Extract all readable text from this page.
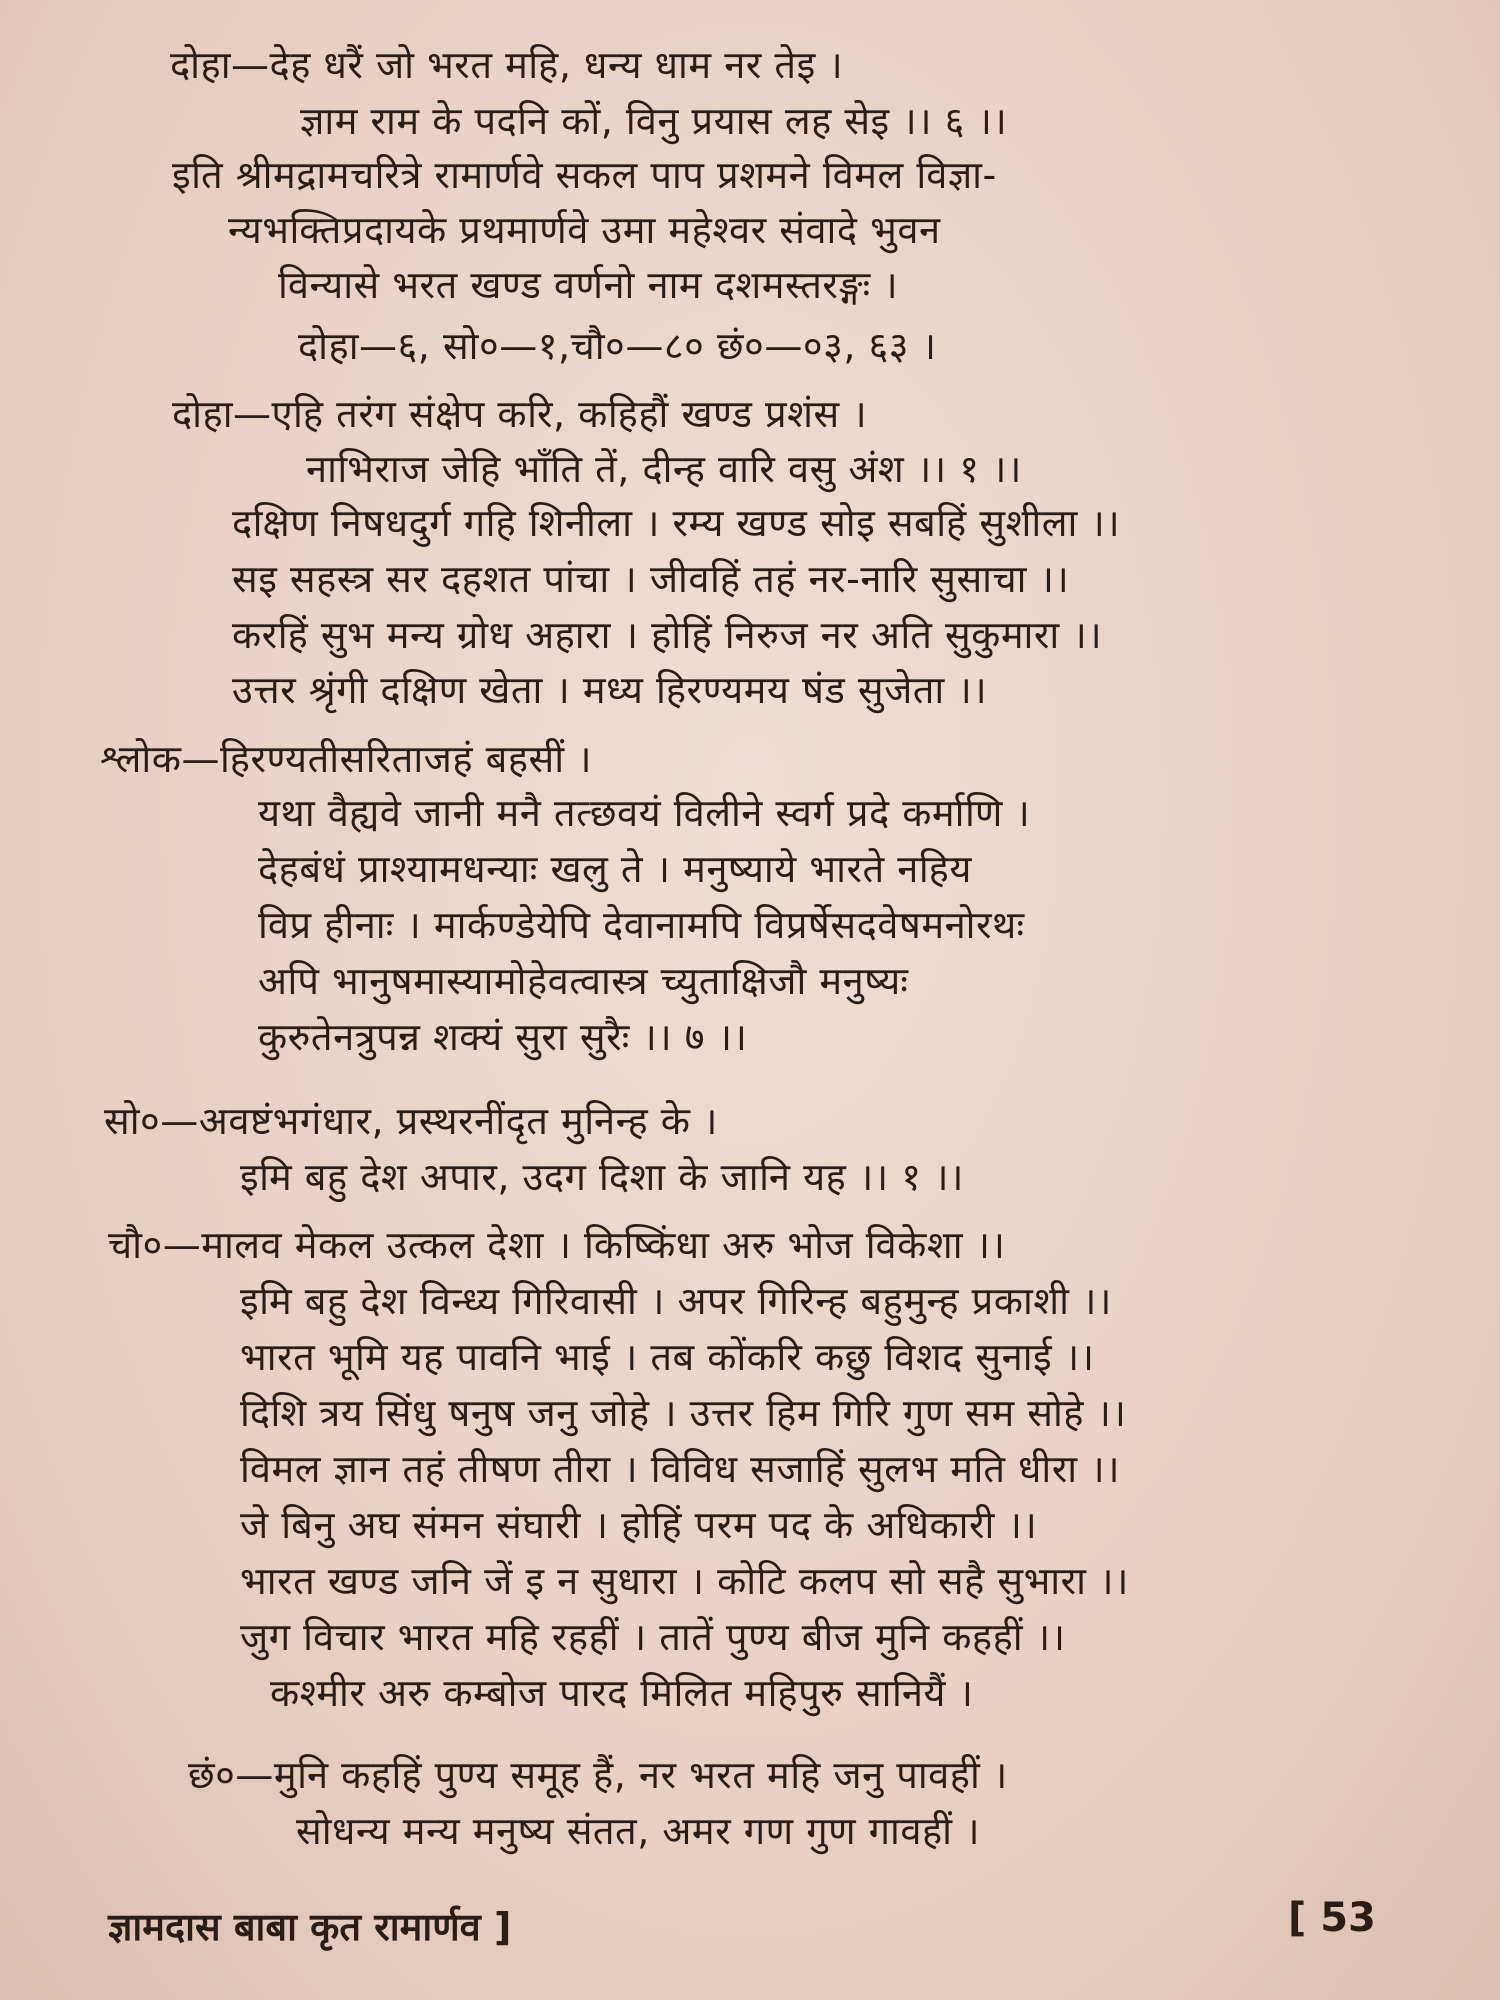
दोहा—देह धरैं जो भरत महि, धन्य धाम नर तेइ ।
ज्ञाम राम के पदनि कों, विनु प्रयास लह सेइ ।। ६ ।।
इति श्रीमद्रामचरित्रे रामार्णवे सकल पाप प्रशमने विमल विज्ञा-
न्यभक्तिप्रदायके प्रथमार्णवे उमा महेश्वर संवादे भुवन
विन्यासे भरत खण्ड वर्णनो नाम दशमस्तरङ्गः ।
दोहा—६, सो०—१,चौ०—८० छं०—०३, ६३ ।
दोहा—एहि तरंग संक्षेप करि, कहिहौं खण्ड प्रशंस ।
नाभिराज जेहि भाँति तें, दीन्ह वारि वसु अंश ।। १ ।।
दक्षिण निषधदुर्ग गहि शिनीला । रम्य खण्ड सोइ सबहिं सुशीला ।।
सइ सहस्त्र सर दहशत पांचा । जीवहिं तहं नर-नारि सुसाचा ।।
करहिं सुभ मन्य ग्रोध अहारा । होहिं निरुज नर अति सुकुमारा ।।
उत्तर श्रृंगी दक्षिण खेता । मध्य हिरण्यमय षंड सुजेता ।।
श्लोक—हिरण्यतीसरिताजहं बहसीं ।
यथा वैह्यवे जानी मनै तत्छवयं विलीने स्वर्ग प्रदे कर्माणि ।
देहबंधं प्राश्यामधन्याः खलु ते । मनुष्याये भारते नहिय
विप्र हीनाः । मार्कण्डेयेपि देवानामपि विप्रर्षेसदवेषमनोरथः
अपि भानुषमास्यामोहेवत्वास्त्र च्युताक्षिजौ मनुष्यः
कुरुतेनत्रुपन्न शक्यं सुरा सुरैः ।। ७ ।।
सो०—अवष्टंभगंधार, प्रस्थरनींदृत मुनिन्ह के ।
इमि बहु देश अपार, उदग दिशा के जानि यह ।। १ ।।
चौ०—मालव मेकल उत्कल देशा । किष्किंधा अरु भोज विकेशा ।।
इमि बहु देश विन्ध्य गिरिवासी । अपर गिरिन्ह बहुमुन्ह प्रकाशी ।।
भारत भूमि यह पावनि भाई । तब कोंकरि कछु विशद सुनाई ।।
दिशि त्रय सिंधु षनुष जनु जोहे । उत्तर हिम गिरि गुण सम सोहे ।।
विमल ज्ञान तहं तीषण तीरा । विविध सजाहिं सुलभ मति धीरा ।।
जे बिनु अघ संमन संघारी । होहिं परम पद के अधिकारी ।।
भारत खण्ड जनि जें इ न सुधारा । कोटि कलप सो सहै सुभारा ।।
जुग विचार भारत महि रहहीं । तातें पुण्य बीज मुनि कहहीं ।।
कश्मीर अरु कम्बोज पारद मिलित महिपुरु सानियैं ।
छं०—मुनि कहहिं पुण्य समूह हैं, नर भरत महि जनु पावहीं ।
सोधन्य मन्य मनुष्य संतत, अमर गण गुण गावहीं ।
ज्ञामदास बाबा कृत रामार्णव ]	[ 53
